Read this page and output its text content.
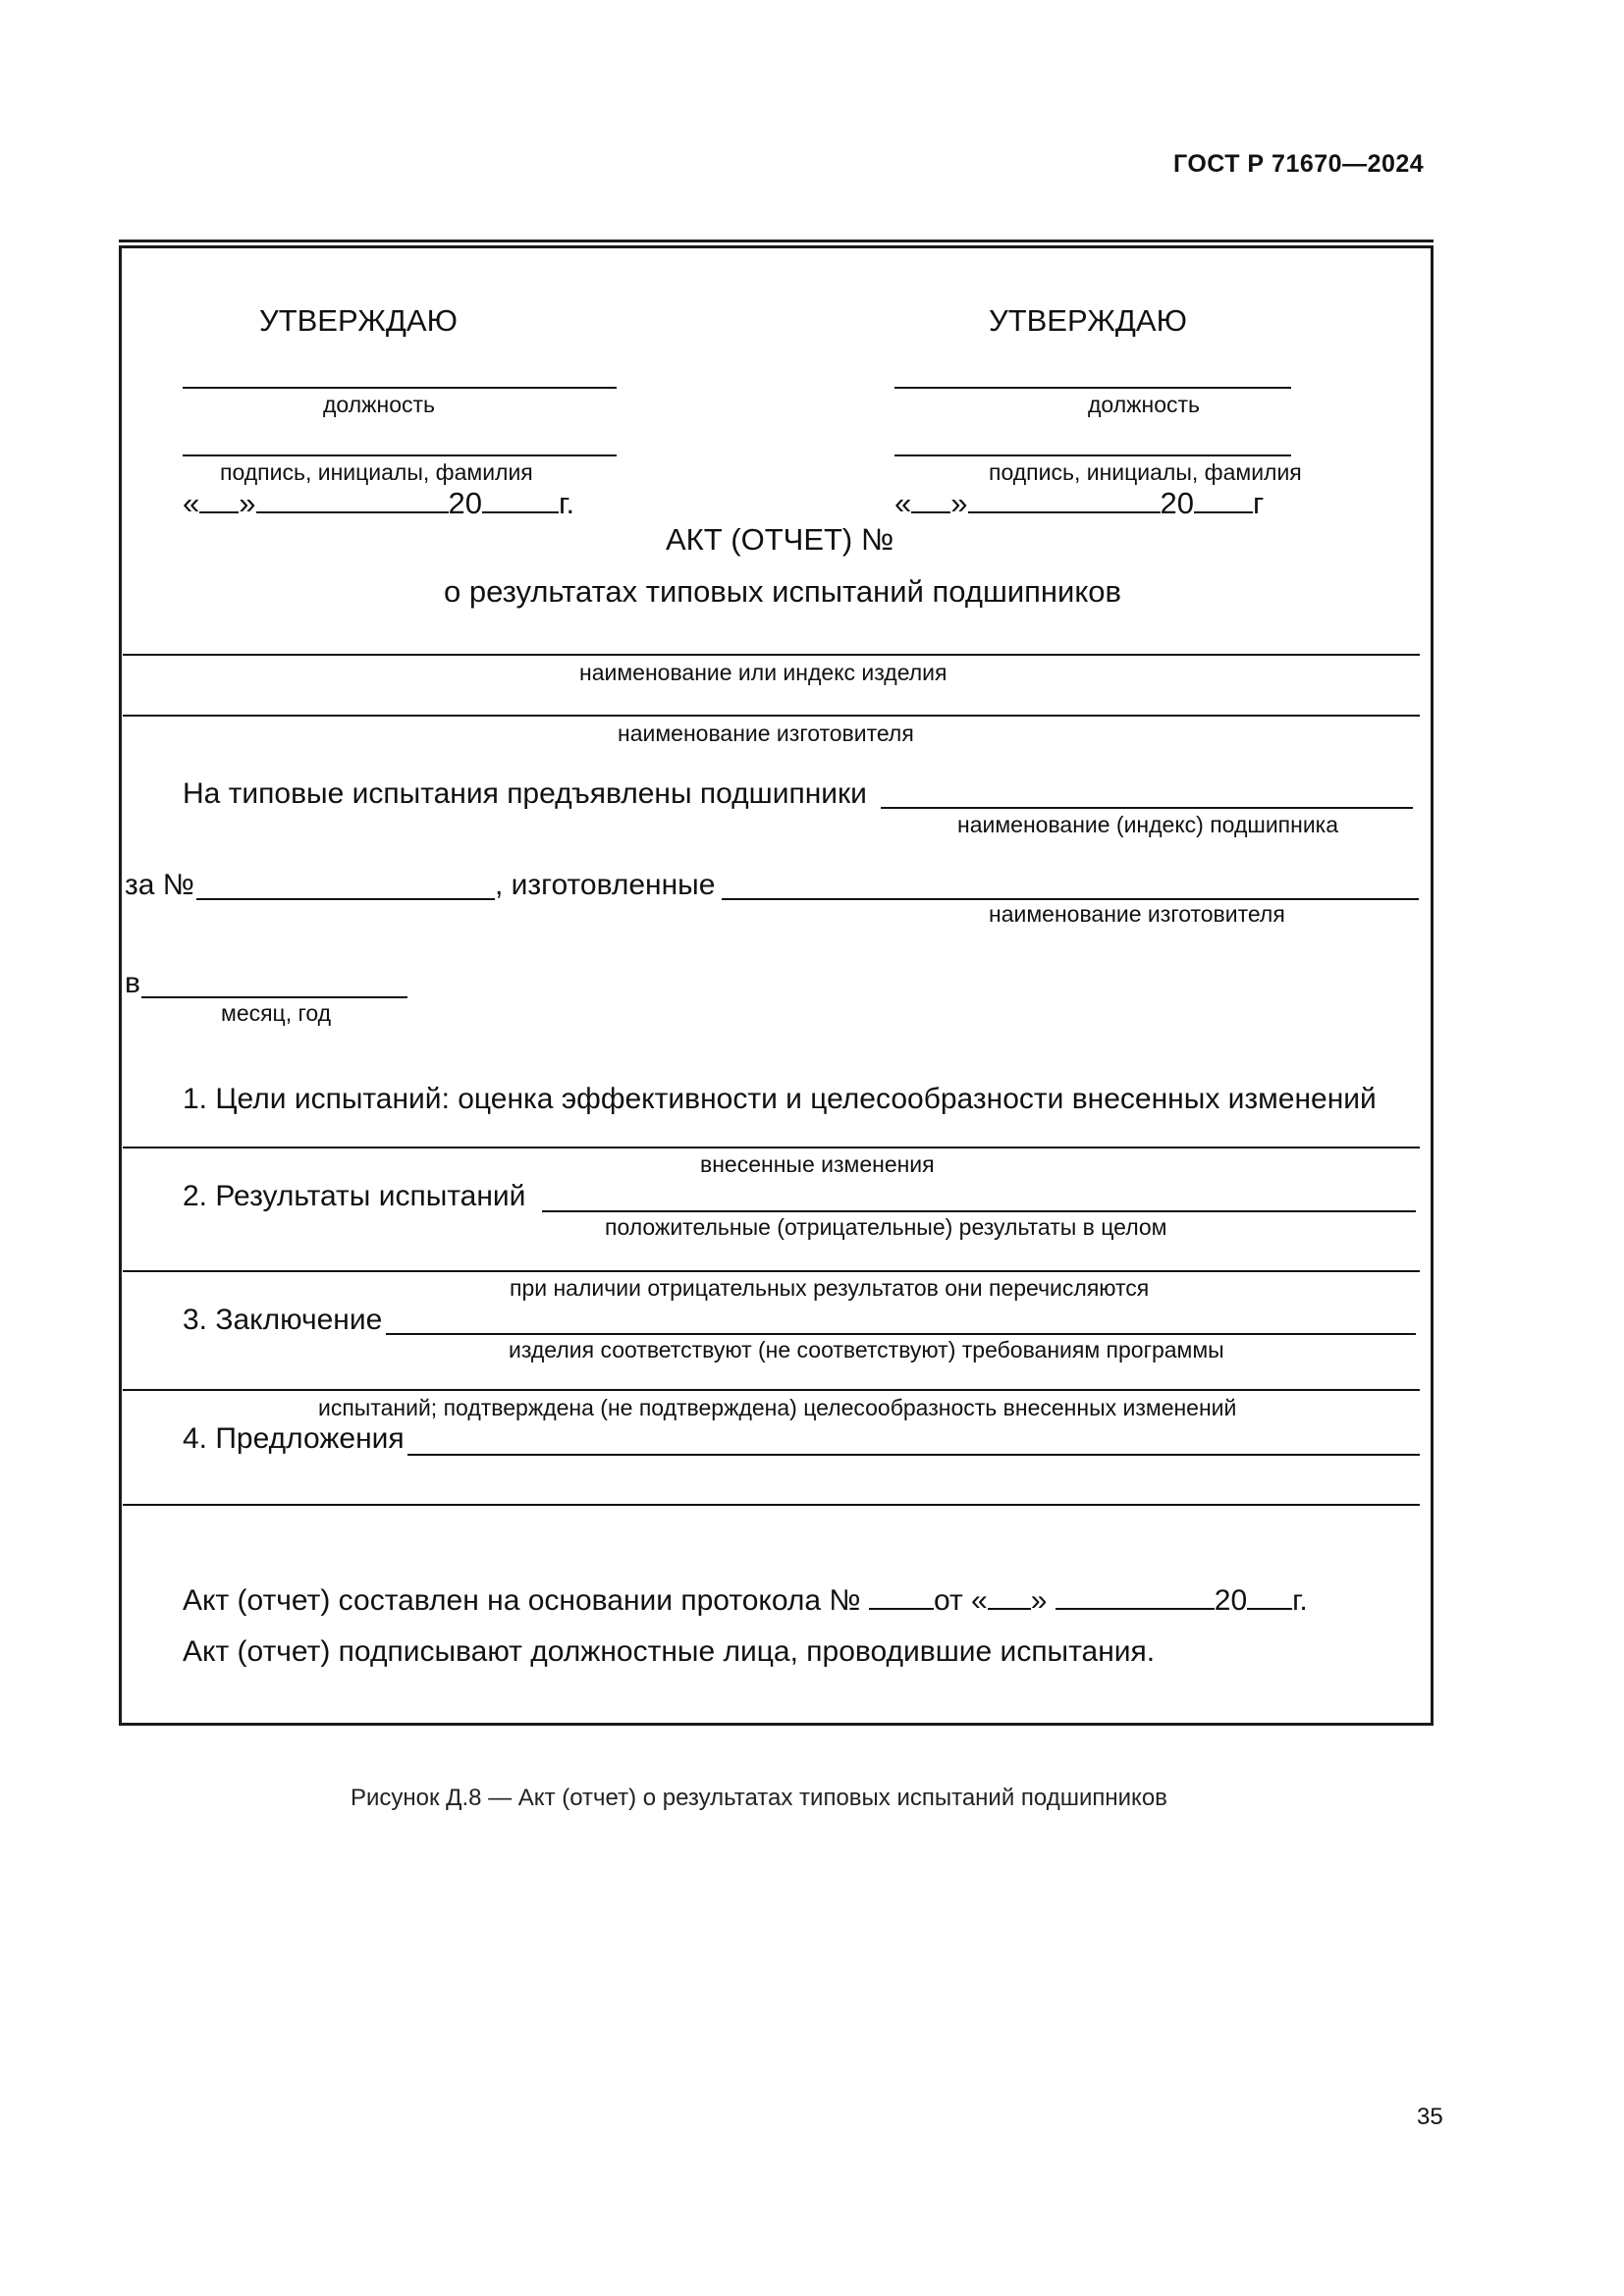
ГОСТ Р 71670—2024
УТВЕРЖДАЮ
должность
подпись, инициалы, фамилия
« »	20	г.
УТВЕРЖДАЮ
должность
подпись, инициалы, фамилия
« »	20 г
АКТ (ОТЧЕТ) №
о результатах типовых испытаний подшипников
наименование или индекс изделия
наименование изготовителя
На типовые испытания предъявлены подшипники
наименование (индекс) подшипника
за №	, изготовленные
наименование изготовителя
в
месяц, год
1. Цели испытаний: оценка эффективности и целесообразности внесенных изменений
внесенные изменения
2. Результаты испытаний
положительные (отрицательные) результаты в целом
при наличии отрицательных результатов они перечисляются
3. Заключение
изделия соответствуют (не соответствуют) требованиям программы
испытаний; подтверждена (не подтверждена) целесообразность внесенных изменений
4. Предложения
Акт (отчет) составлен на основании протокола № от « »	20 г.
Акт (отчет) подписывают должностные лица, проводившие испытания.
Рисунок Д.8 — Акт (отчет) о результатах типовых испытаний подшипников
35
